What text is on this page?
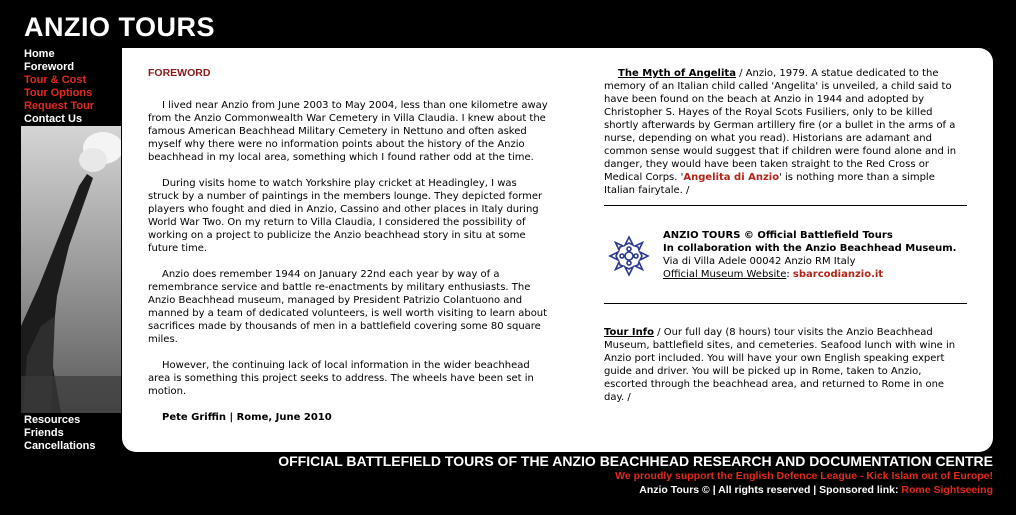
ANZIO TOURS
Home
Foreword
Tour & Cost
Tour Options
Request Tour
Contact Us
Resources
Friends
Cancellations
FOREWORD

I lived near Anzio from June 2003 to May 2004, less than one kilometre away from the Anzio Commonwealth War Cemetery in Villa Claudia. I knew about the famous American Beachhead Military Cemetery in Nettuno and often asked myself why there were no information points about the history of the Anzio beachhead in my local area, something which I found rather odd at the time.

During visits home to watch Yorkshire play cricket at Headingley, I was struck by a number of paintings in the members lounge. They depicted former players who fought and died in Anzio, Cassino and other places in Italy during World War Two. On my return to Villa Claudia, I considered the possibility of working on a project to publicize the Anzio beachhead story in situ at some future time.

Anzio does remember 1944 on January 22nd each year by way of a remembrance service and battle re-enactments by military enthusiasts. The Anzio Beachhead museum, managed by President Patrizio Colantuono and manned by a team of dedicated volunteers, is well worth visiting to learn about sacrifices made by thousands of men in a battlefield covering some 80 square miles.

However, the continuing lack of local information in the wider beachhead area is something this project seeks to address. The wheels have been set in motion.

Pete Griffin | Rome, June 2010

The Myth of Angelita / Anzio, 1979. A statue dedicated to the memory of an Italian child called 'Angelita' is unveiled, a child said to have been found on the beach at Anzio in 1944 and adopted by Christopher S. Hayes of the Royal Scots Fusiliers, only to be killed shortly afterwards by German artillery fire (or a bullet in the arms of a nurse, depending on what you read). Historians are adamant and common sense would suggest that if children were found alone and in danger, they would have been taken straight to the Red Cross or Medical Corps. 'Angelita di Anzio' is nothing more than a simple Italian fairytale. /

ANZIO TOURS © Official Battlefield Tours
In collaboration with the Anzio Beachhead Museum.
Via di Villa Adele 00042 Anzio RM Italy
Official Museum Website: sbarcodianzio.it

Tour Info / Our full day (8 hours) tour visits the Anzio Beachhead Museum, battlefield sites, and cemeteries. Seafood lunch with wine in Anzio port included. You will have your own English speaking expert guide and driver. You will be picked up in Rome, taken to Anzio, escorted through the beachhead area, and returned to Rome in one day. /

OFFICIAL BATTLEFIELD TOURS OF THE ANZIO BEACHHEAD RESEARCH AND DOCUMENTATION CENTRE
We proudly support the English Defence League - Kick Islam out of Europe!
Anzio Tours © | All rights reserved | Sponsored link: Rome Sightseeing
